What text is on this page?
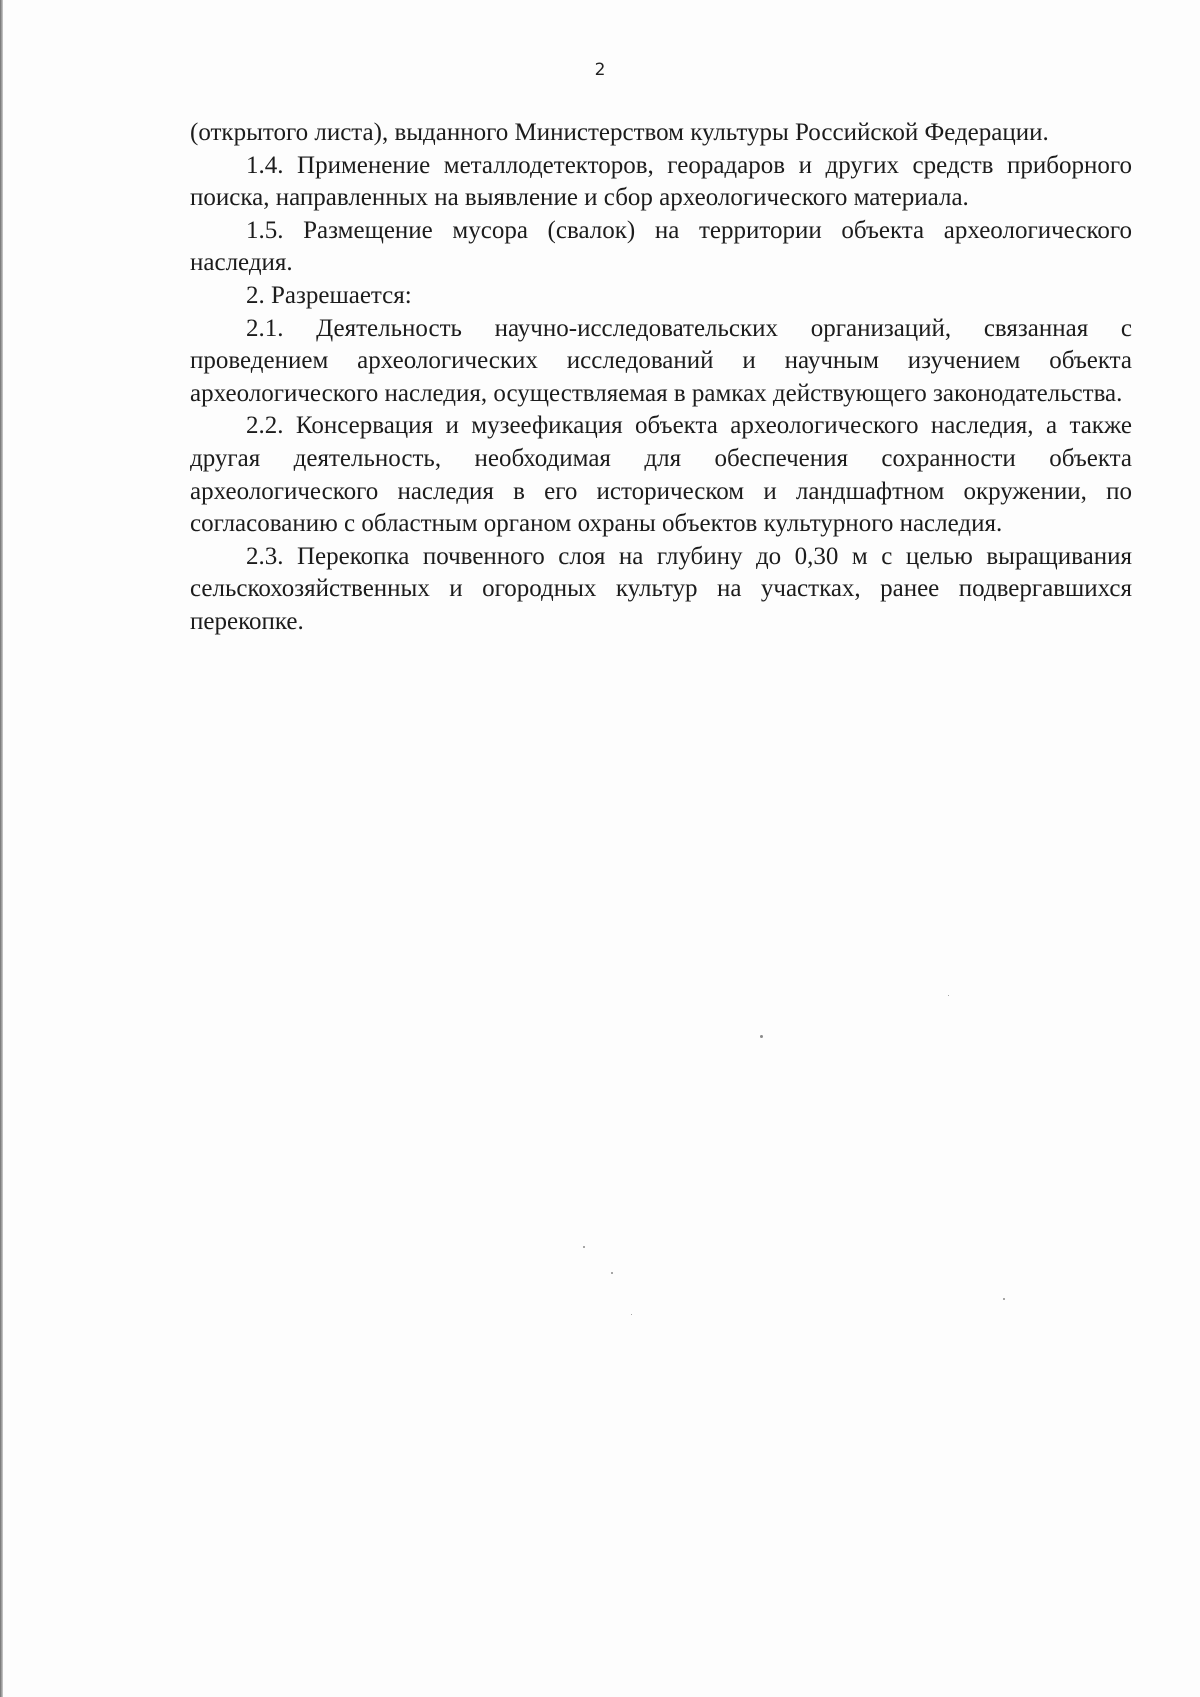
2

(открытого листа), выданного Министерством культуры Российской Федерации.

1.4. Применение металлодетекторов, георадаров и других средств приборного поиска, направленных на выявление и сбор археологического материала.

1.5. Размещение мусора (свалок) на территории объекта археологического наследия.

2. Разрешается:

2.1. Деятельность научно-исследовательских организаций, связанная с проведением археологических исследований и научным изучением объекта археологического наследия, осуществляемая в рамках действующего законодательства.

2.2. Консервация и музеефикация объекта археологического наследия, а также другая деятельность, необходимая для обеспечения сохранности объекта археологического наследия в его историческом и ландшафтном окружении, по согласованию с областным органом охраны объектов культурного наследия.

2.3. Перекопка почвенного слоя на глубину до 0,30 м с целью выращивания сельскохозяйственных и огородных культур на участках, ранее подвергавшихся перекопке.
